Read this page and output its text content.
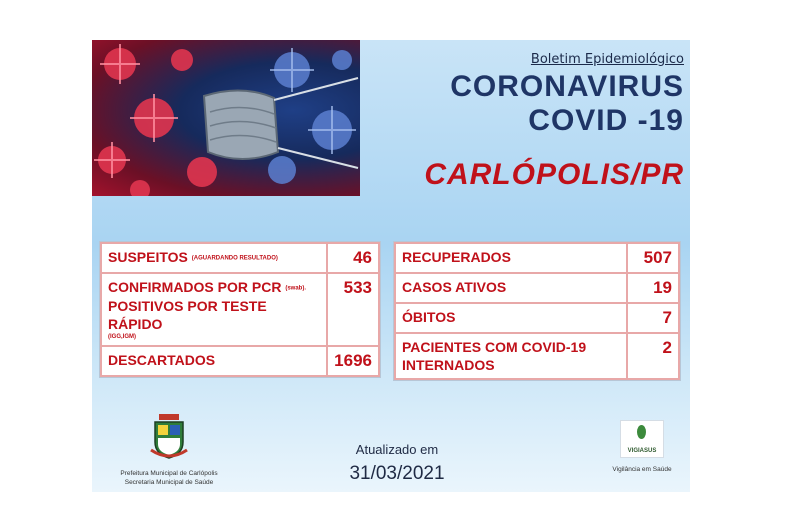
Boletim Epidemiológico
CORONAVIRUS
COVID -19
CARLÓPOLIS/PR
SUSPEITOS (AGUARDANDO RESULTADO)	46
CONFIRMADOS POR PCR (swab).
POSITIVOS POR TESTE RÁPIDO
(IGG,IGM)	533
DESCARTADOS	1696
RECUPERADOS	507
CASOS ATIVOS	19
ÓBITOS	7
PACIENTES COM COVID-19 INTERNADOS	2
Prefeitura Municipal de Carlópolis
Secretaria Municipal de Saúde
Atualizado em
31/03/2021
VIGIASUS
Vigilância em Saúde
